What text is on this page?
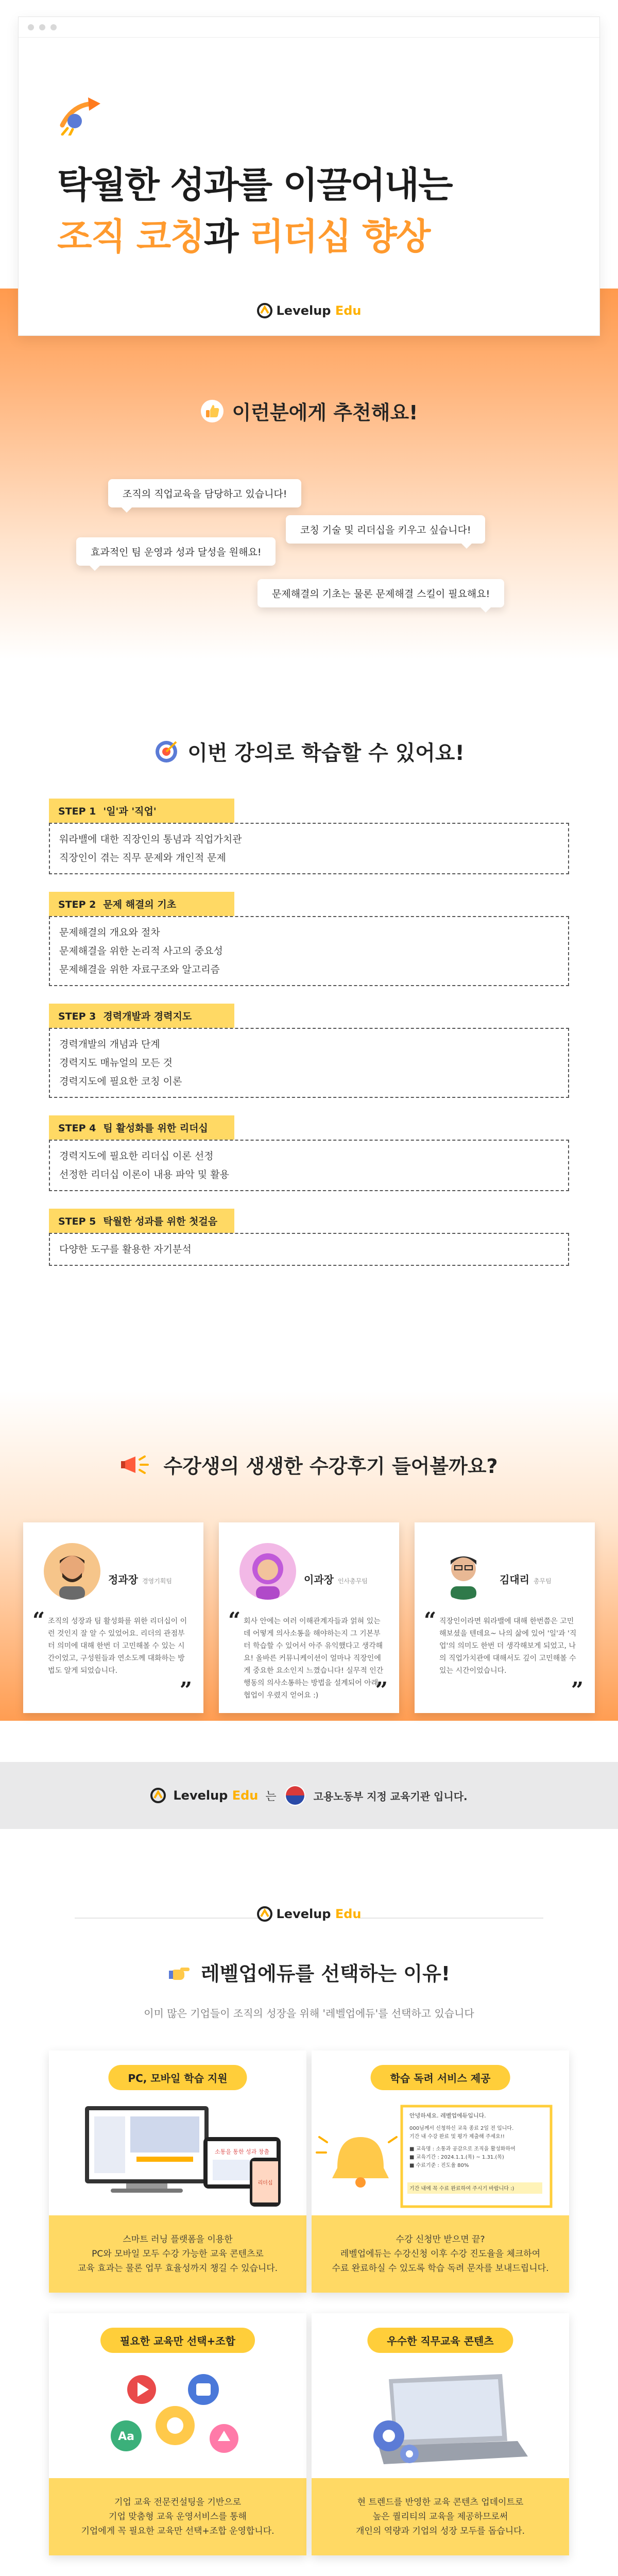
탁월한 성과를 이끌어내는
조직 코칭과 리더십 향상
Levelup Edu
이런분에게 추천해요!
조직의 직업교육을 담당하고 있습니다!
코칭 기술 및 리더십을 키우고 싶습니다!
효과적인 팀 운영과 성과 달성을 원해요!
문제해결의 기초는 물론 문제해결 스킬이 필요해요!
이번 강의로 학습할 수 있어요!
STEP 1 '일'과 '직업'
워라밸에 대한 직장인의 통념과 직업가치관
직장인이 겪는 직무 문제와 개인적 문제
STEP 2 문제 해결의 기초
문제해결의 개요와 절차
문제해결을 위한 논리적 사고의 중요성
문제해결을 위한 자료구조와 알고리즘
STEP 3 경력개발과 경력지도
경력개발의 개념과 단계
경력지도 매뉴얼의 모든 것
경력지도에 필요한 코칭 이론
STEP 4 팀 활성화를 위한 리더십
경력지도에 필요한 리더십 이론 선정
선정한 리더십 이론이 내용 파악 및 활용
STEP 5 탁월한 성과를 위한 첫걸음
다양한 도구를 활용한 자기분석
수강생의 생생한 수강후기 들어볼까요?
정과장 경영기획팀
“ 조직의 성장과 팀 활성화를 위한 리더십이 이런 것인지 잘 알 수 있었어요. 리더의 관점부터 의미에 대해 한번 더 고민해볼 수 있는 시간이었고, 구성원들과 연소도께 대화하는 방법도 알게 되었습니다.
”
이과장 인사총무팀
“ 회사 안에는 여러 이해관계자들과 얽혀 있는데 어떻게 의사소통을 해야하는지 그 기본부터 학습할 수 있어서 아주 유익했다고 생각해요! 올바른 커뮤니케이션이 얼마나 직장인에게 중요한 요소인지 느꼈습니다! 실무적 인간 행동의 의사소통하는 방법을 설계되어 아래 협업이 우렸지 얻어요 :)	”
김대리 총무팀
“ 직장인이라면 워라밸에 대해 한번쯤은 고민해보셨을 텐데요~ 나의 삶에 있어 '일'과 '직업'의 의미도 한번 더 생각해보게 되었고, 나의 직업가치관에 대해서도 깊이 고민해볼 수 있는 시간이었습니다.
”
Levelup Edu 는	고용노동부 지정 교육기관 입니다.
Levelup Edu
레벨업에듀를 선택하는 이유!
이미 많은 기업들이 조직의 성장을 위해 '레벨업에듀'를 선택하고 있습니다
PC, 모바일 학습 지원
소통을 통한 성과 창출
리더십
스마트 러닝 플랫폼을 이용한
PC와 모바일 모두 수강 가능한 교육 콘텐츠로
교육 효과는 물론 업무 효율성까지 챙길 수 있습니다.
학습 독려 서비스 제공
안녕하세요. 레벨업에듀입니다.
000님께서 신청하신 교육 종료 2일 전 입니다.
기간 내 수강 완료 및 평가 제출해 주세요!!
■ 교육명 : 소통과 공감으로 조직을 활성화하여
■ 교육기간 : 2024.1.1.(목) ~ 1.31.(목)
■ 수료기준 : 진도율 80%
기간 내에 꼭 수료 완료하여 주시기 바랍니다 :)
수강 신청만 받으면 끝?
레벨업에듀는 수강신청 이후 수강 진도율을 체크하여
수료 완료하실 수 있도록 학습 독려 문자를 보내드립니다.
필요한 교육만 선택+조합
Aa
기업 교육 전문컨설팅을 기반으로
기업 맞춤형 교육 운영서비스를 통해
기업에게 꼭 필요한 교육만 선택+조합 운영합니다.
우수한 직무교육 콘텐츠
현 트렌드를 반영한 교육 콘텐츠 업데이트로
높은 퀄리티의 교육을 제공하므로써
개인의 역량과 기업의 성장 모두를 돕습니다.
